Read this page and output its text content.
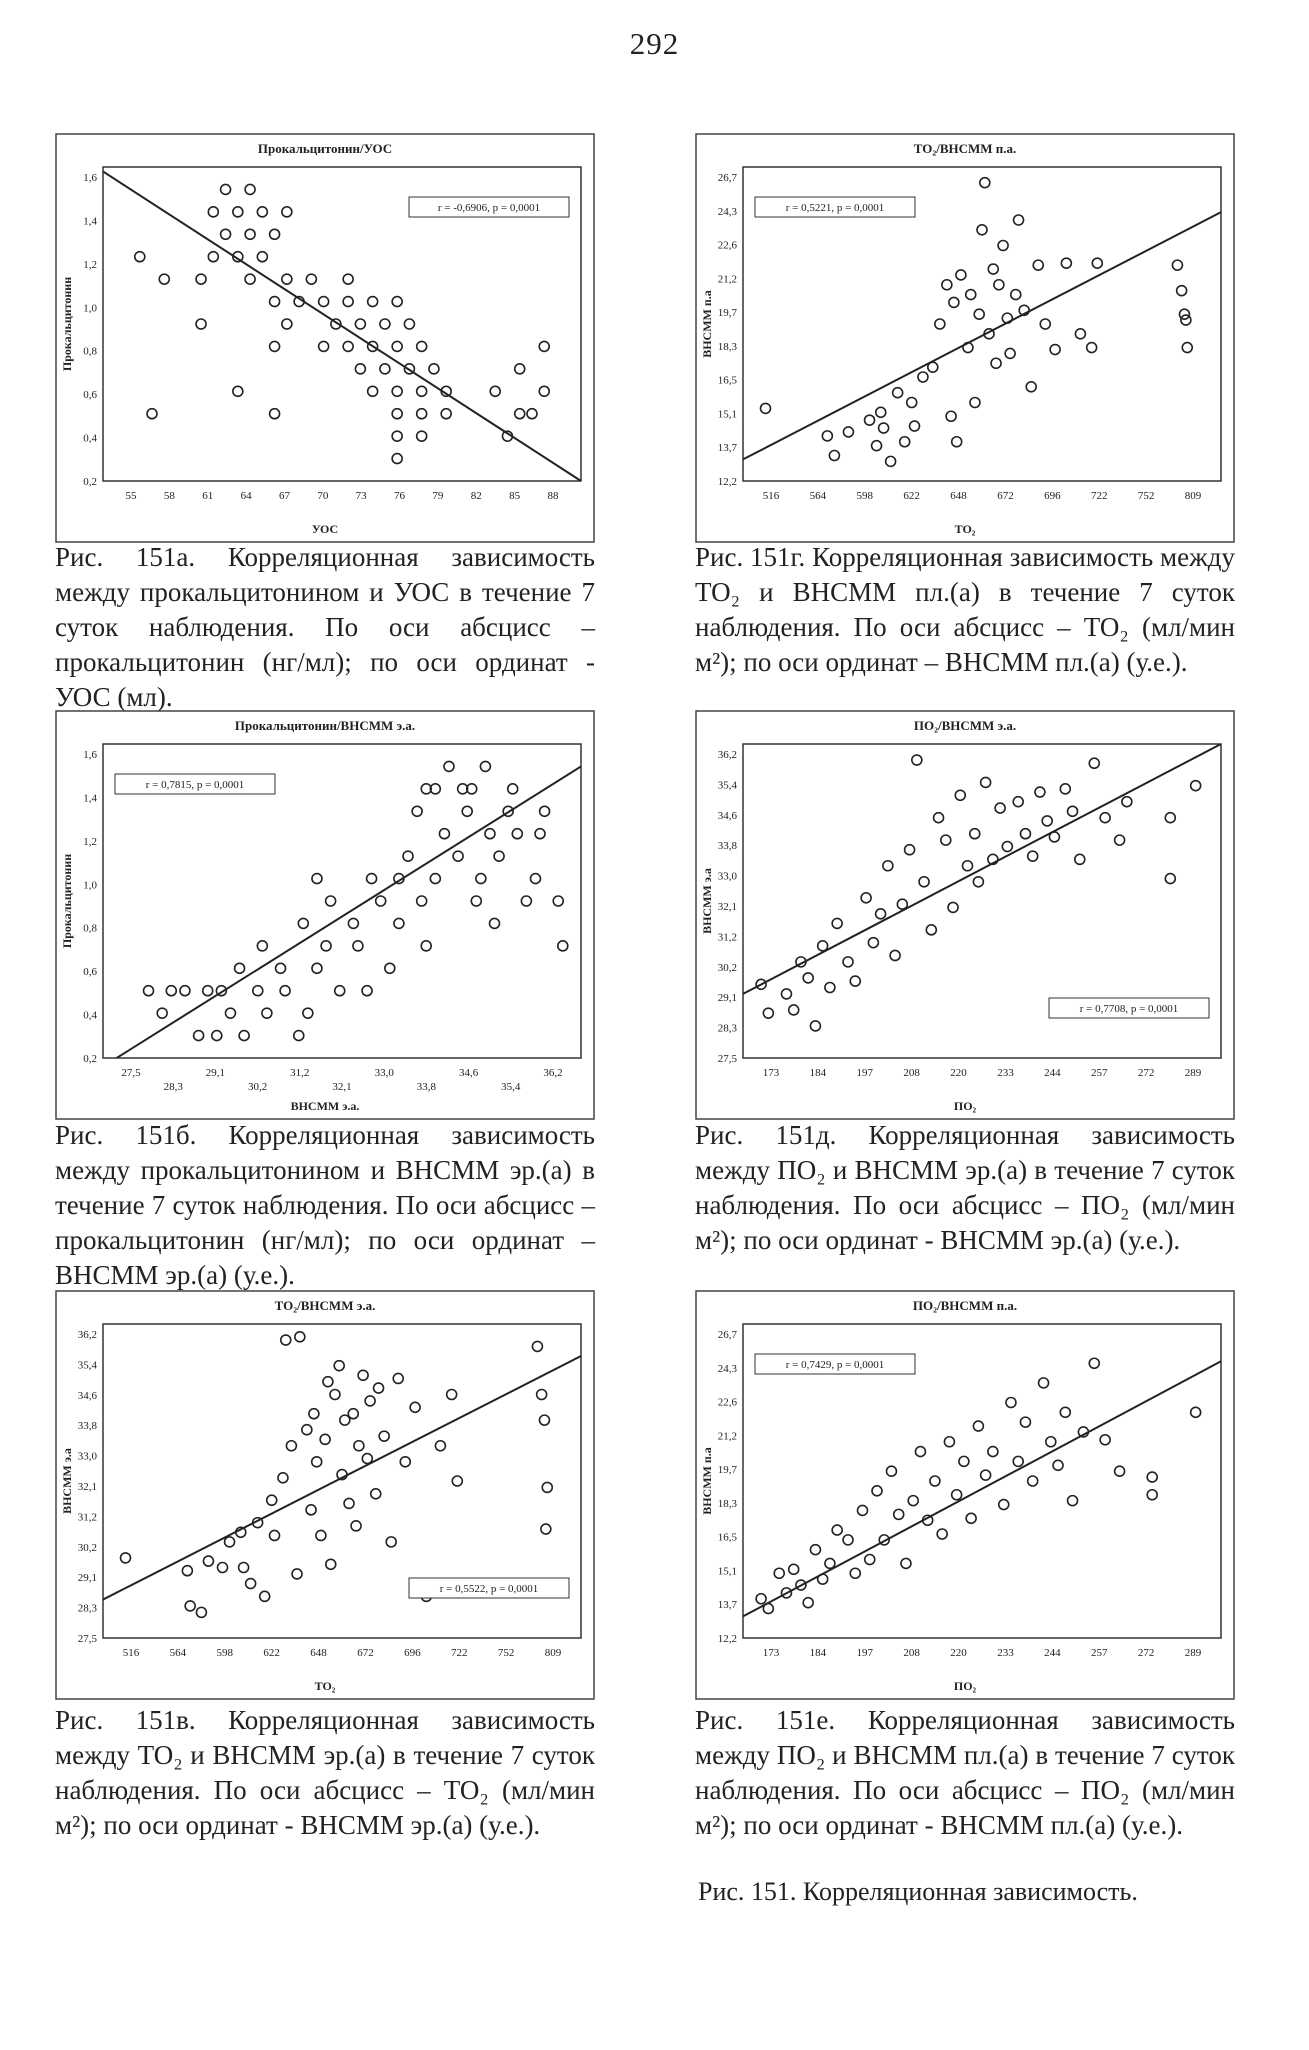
292
Прокальцитонин/УОС
УОС
Прокальцитонин
0,2
0,4
0,6
0,8
1,0
1,2
1,4
1,6
55 58 61 64 67 70 73 76 79 82 85 88
r = -0,6906, p = 0,0001
Рис. 151а. Корреляционная зависимость между прокальцитонином и УОС в течение 7 суток наблюдения. По оси абсцисс – прокальцитонин (нг/мл); по оси ординат - УОС (мл).
Прокальцитонин/ВНСММ э.а.
ВНСММ э.а.
Прокальцитонин
0,2
0,4
0,6
0,8
1,0
1,2
1,4
1,6
27,5
28,3
29,1
30,2
31,2
32,1
33,0
33,8
34,6
35,4
36,2
r = 0,7815, p = 0,0001
Рис. 151б. Корреляционная зависимость между прокальцитонином и ВНСММ эр.(а) в течение 7 суток наблюдения. По оси абсцисс – прокальцитонин (нг/мл); по оси ординат – ВНСММ эр.(а) (у.е.).
ТО₂/ВНСММ э.а.
ТО₂
ВНСММ э.а
27,5
28,3
29,1
30,2
31,2
32,1
33,0
33,8
34,6
35,4
36,2
516	564	598	622	648	672	696	722	752	809
r = 0,5522, p = 0,0001
Рис. 151в. Корреляционная зависимость между ТО₂ и ВНСММ эр.(а) в течение 7 суток наблюдения. По оси абсцисс – ТО₂ (мл/мин м²); по оси ординат - ВНСММ эр.(а) (у.е.).
ТО₂/ВНСММ п.а.
ТО₂
ВНСММ п.а
12,2
13,7
15,1
16,5
18,3
19,7
21,2
22,6
24,3
26,7
516	564	598	622	648	672	696	722	752	809
r = 0,5221, p = 0,0001
Рис. 151г. Корреляционная зависимость между ТО₂ и ВНСММ пл.(а) в течение 7 суток наблюдения. По оси абсцисс – ТО₂ (мл/мин м²); по оси ординат – ВНСММ пл.(а) (у.е.).
ПО₂/ВНСММ э.а.
ПО₂
ВНСММ э.а
27,5
28,3
29,1
30,2
31,2
32,1
33,0
33,8
34,6
35,4
36,2
173	184	197	208	220	233	244	257	272	289
r = 0,7708, p = 0,0001
Рис. 151д. Корреляционная зависимость между ПО₂ и ВНСММ эр.(а) в течение 7 суток наблюдения. По оси абсцисс – ПО₂ (мл/мин м²); по оси ординат - ВНСММ эр.(а) (у.е.).
ПО₂/ВНСММ п.а.
ПО₂
ВНСММ п.а
12,2
13,7
15,1
16,5
18,3
19,7
21,2
22,6
24,3
26,7
173	184	197	208	220	233	244	257	272	289
r = 0,7429, p = 0,0001
Рис. 151е. Корреляционная зависимость между ПО₂ и ВНСММ пл.(а) в течение 7 суток наблюдения. По оси абсцисс – ПО₂ (мл/мин м²); по оси ординат - ВНСММ пл.(а) (у.е.).
Рис. 151. Корреляционная зависимость.
